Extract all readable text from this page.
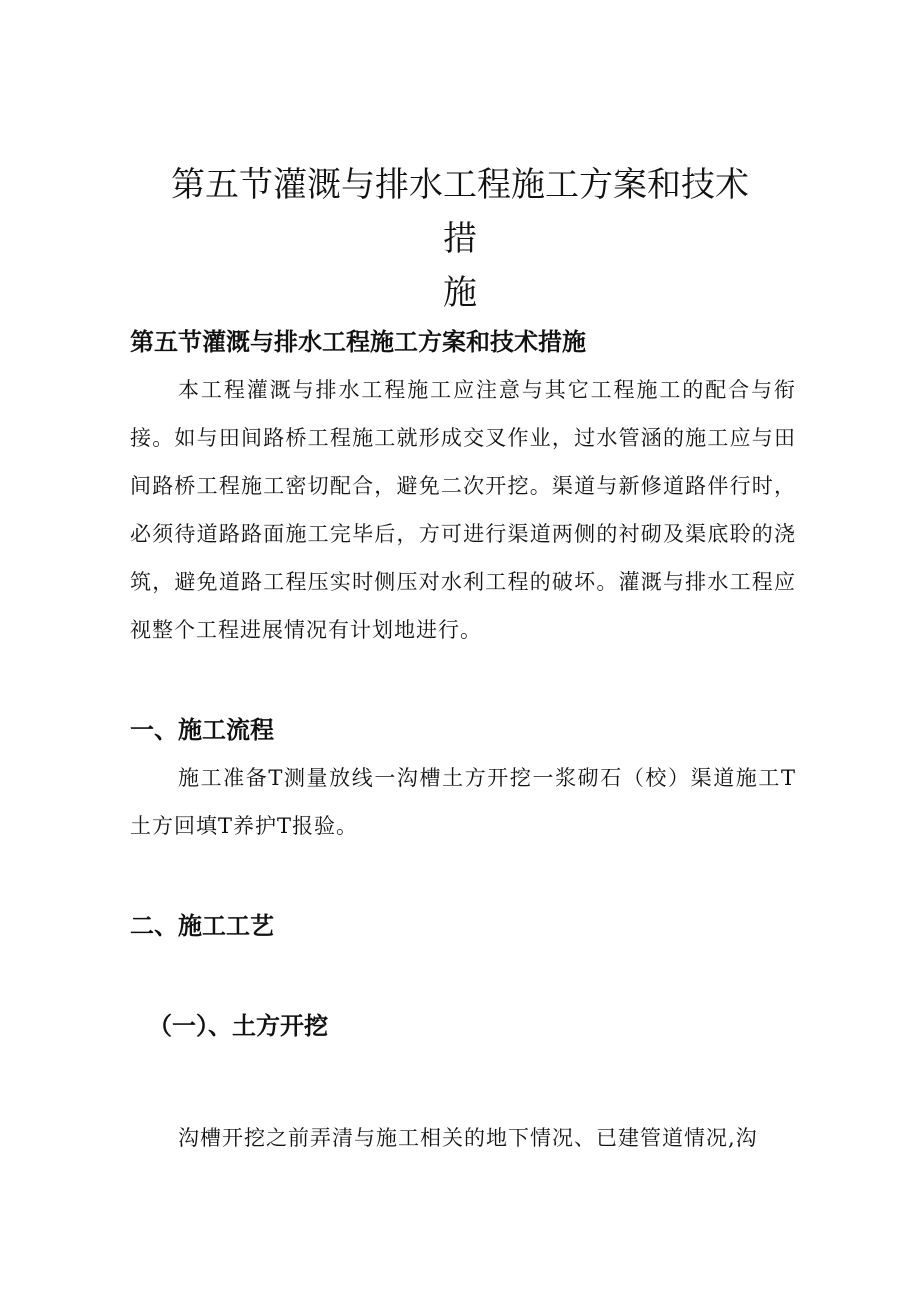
第五节灌溉与排水工程施工方案和技术措
施
第五节灌溉与排水工程施工方案和技术措施

本工程灌溉与排水工程施工应注意与其它工程施工的配合与衔接。如与田间路桥工程施工就形成交叉作业，过水管涵的施工应与田间路桥工程施工密切配合，避免二次开挖。渠道与新修道路伴行时，必须待道路路面施工完毕后，方可进行渠道两侧的衬砌及渠底聆的浇筑，避免道路工程压实时侧压对水利工程的破坏。灌溉与排水工程应视整个工程进展情况有计划地进行。

一、施工流程

施工准备T测量放线一沟槽土方开挖一浆砌石（校）渠道施工T土方回填T养护T报验。

二、施工工艺
（一）、土方开挖

沟槽开挖之前弄清与施工相关的地下情况、已建管道情况,沟
